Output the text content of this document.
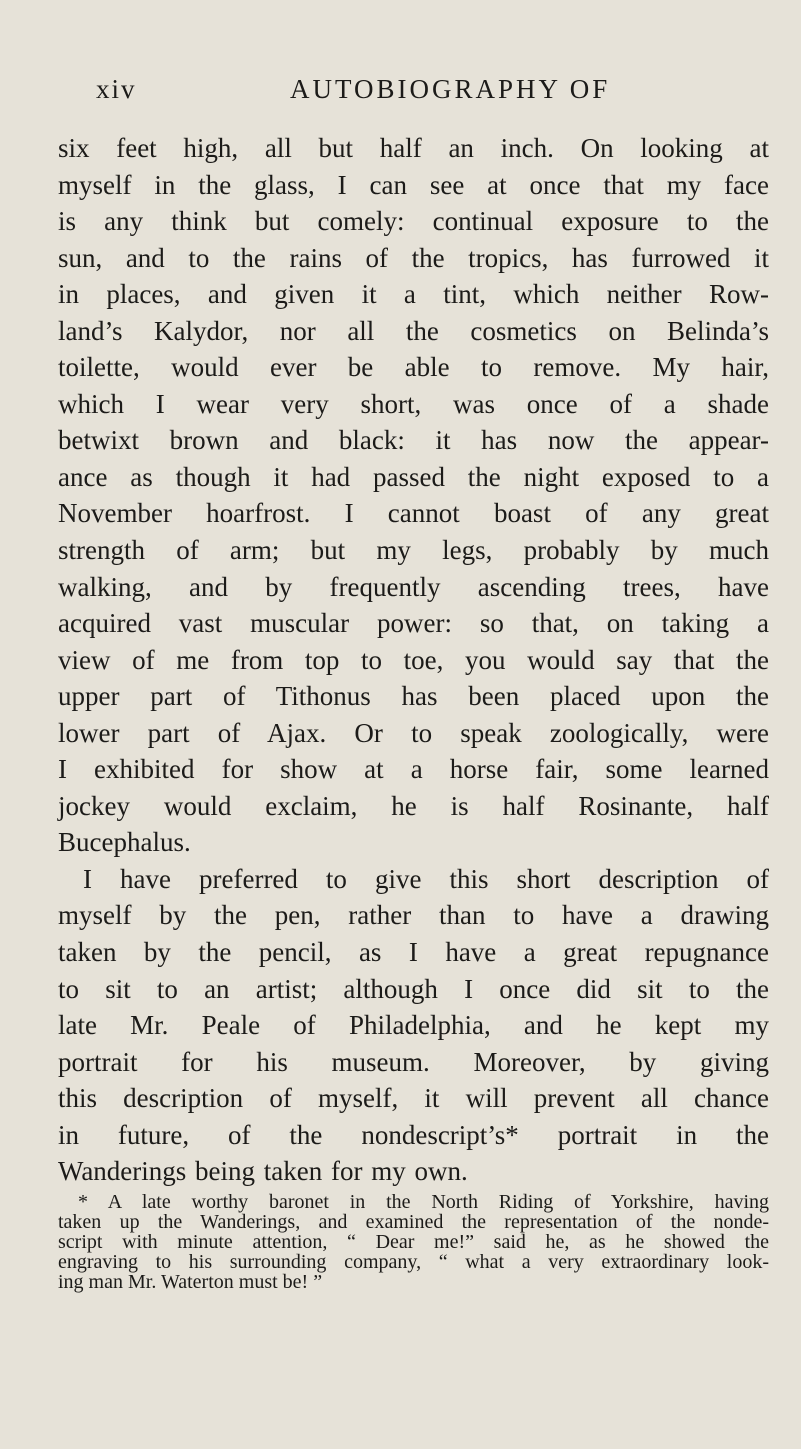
xiv	AUTOBIOGRAPHY OF
six feet high, all but half an inch. On looking at
myself in the glass, I can see at once that my face
is any think but comely: continual exposure to the
sun, and to the rains of the tropics, has furrowed it
in places, and given it a tint, which neither Row-
land’s Kalydor, nor all the cosmetics on Belinda’s
toilette, would ever be able to remove. My hair,
which I wear very short, was once of a shade
betwixt brown and black: it has now the appear-
ance as though it had passed the night exposed to a
November hoarfrost. I cannot boast of any great
strength of arm; but my legs, probably by much
walking, and by frequently ascending trees, have
acquired vast muscular power: so that, on taking a
view of me from top to toe, you would say that the
upper part of Tithonus has been placed upon the
lower part of Ajax. Or to speak zoologically, were
I exhibited for show at a horse fair, some learned
jockey would exclaim, he is half Rosinante, half
Bucephalus.
I have preferred to give this short description of
myself by the pen, rather than to have a drawing
taken by the pencil, as I have a great repugnance
to sit to an artist; although I once did sit to the
late Mr. Peale of Philadelphia, and he kept my
portrait for his museum. Moreover, by giving
this description of myself, it will prevent all chance
in future, of the nondescript’s* portrait in the
Wanderings being taken for my own.
* A late worthy baronet in the North Riding of Yorkshire, having
taken up the Wanderings, and examined the representation of the nonde-
script with minute attention, “ Dear me!” said he, as he showed the
engraving to his surrounding company, “ what a very extraordinary look-
ing man Mr. Waterton must be! ”
